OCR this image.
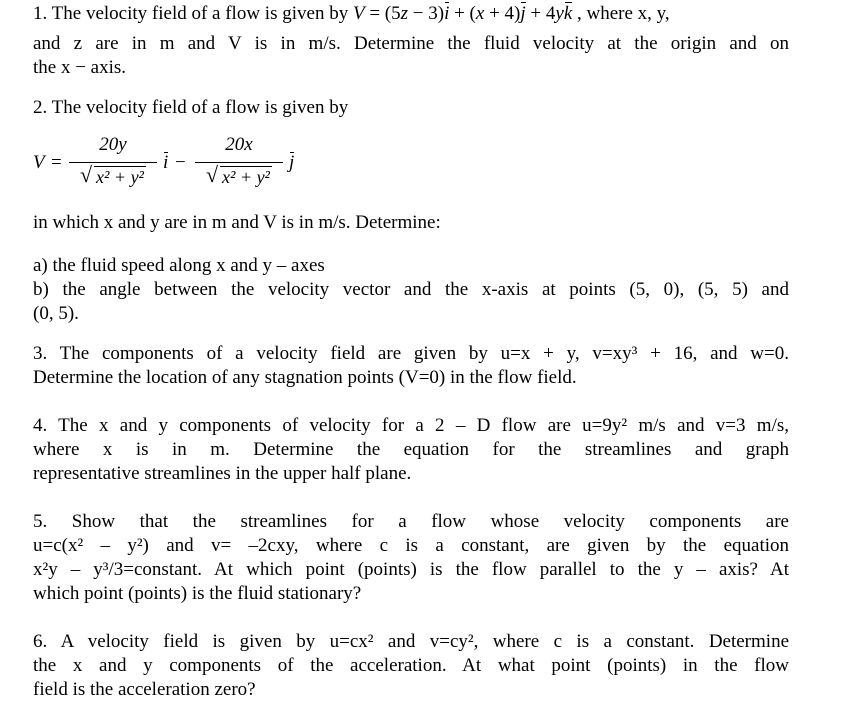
1. The velocity field of a flow is given by V = (5z − 3)i + (x + 4)j + 4yk , where x, y,
and z are in m and V is in m/s. Determine the fluid velocity at the origin and on
the x − axis.
2. The velocity field of a flow is given by
V =
20y
√ x² + y²
i −
20x
√ x² + y²
j
in which x and y are in m and V is in m/s. Determine:
a) the fluid speed along x and y – axes
b) the angle between the velocity vector and the x-axis at points (5, 0), (5, 5) and
(0, 5).
3. The components of a velocity field are given by u=x + y, v=xy³ + 16, and w=0.
Determine the location of any stagnation points (V=0) in the flow field.
4. The x and y components of velocity for a 2 – D flow are u=9y² m/s and v=3 m/s,
where x is in m. Determine the equation for the streamlines and graph
representative streamlines in the upper half plane.
5. Show that the streamlines for a flow whose velocity components are
u=c(x² – y²) and v= –2cxy, where c is a constant, are given by the equation
x²y – y³/3=constant. At which point (points) is the flow parallel to the y – axis? At
which point (points) is the fluid stationary?
6. A velocity field is given by u=cx² and v=cy², where c is a constant. Determine
the x and y components of the acceleration. At what point (points) in the flow
field is the acceleration zero?
